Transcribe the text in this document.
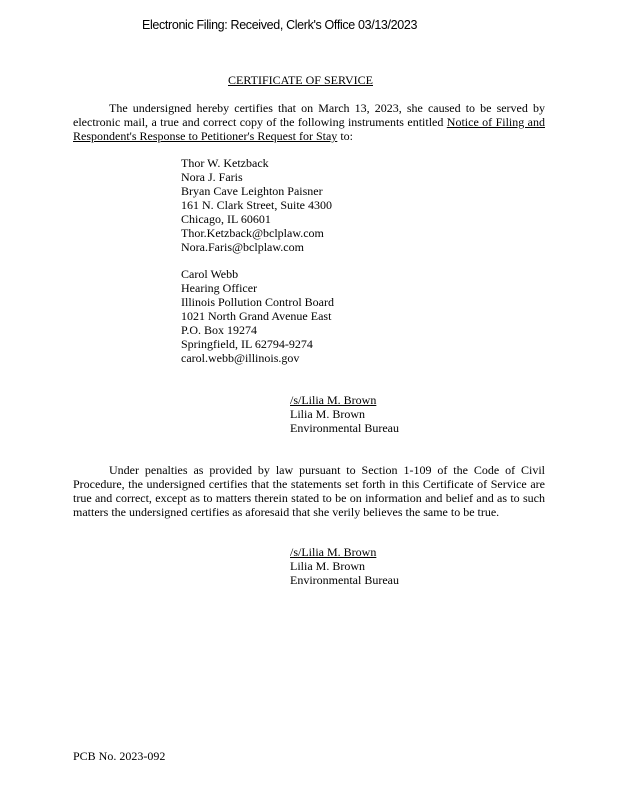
Electronic Filing: Received, Clerk's Office 03/13/2023
CERTIFICATE OF SERVICE
The undersigned hereby certifies that on March 13, 2023, she caused to be served by electronic mail, a true and correct copy of the following instruments entitled Notice of Filing and Respondent's Response to Petitioner's Request for Stay to:
Thor W. Ketzback
Nora J. Faris
Bryan Cave Leighton Paisner
161 N. Clark Street, Suite 4300
Chicago, IL 60601
Thor.Ketzback@bclplaw.com
Nora.Faris@bclplaw.com
Carol Webb
Hearing Officer
Illinois Pollution Control Board
1021 North Grand Avenue East
P.O. Box 19274
Springfield, IL 62794-9274
carol.webb@illinois.gov
/s/Lilia M. Brown
Lilia M. Brown
Environmental Bureau
Under penalties as provided by law pursuant to Section 1-109 of the Code of Civil Procedure, the undersigned certifies that the statements set forth in this Certificate of Service are true and correct, except as to matters therein stated to be on information and belief and as to such matters the undersigned certifies as aforesaid that she verily believes the same to be true.
/s/Lilia M. Brown
Lilia M. Brown
Environmental Bureau
PCB No. 2023-092
